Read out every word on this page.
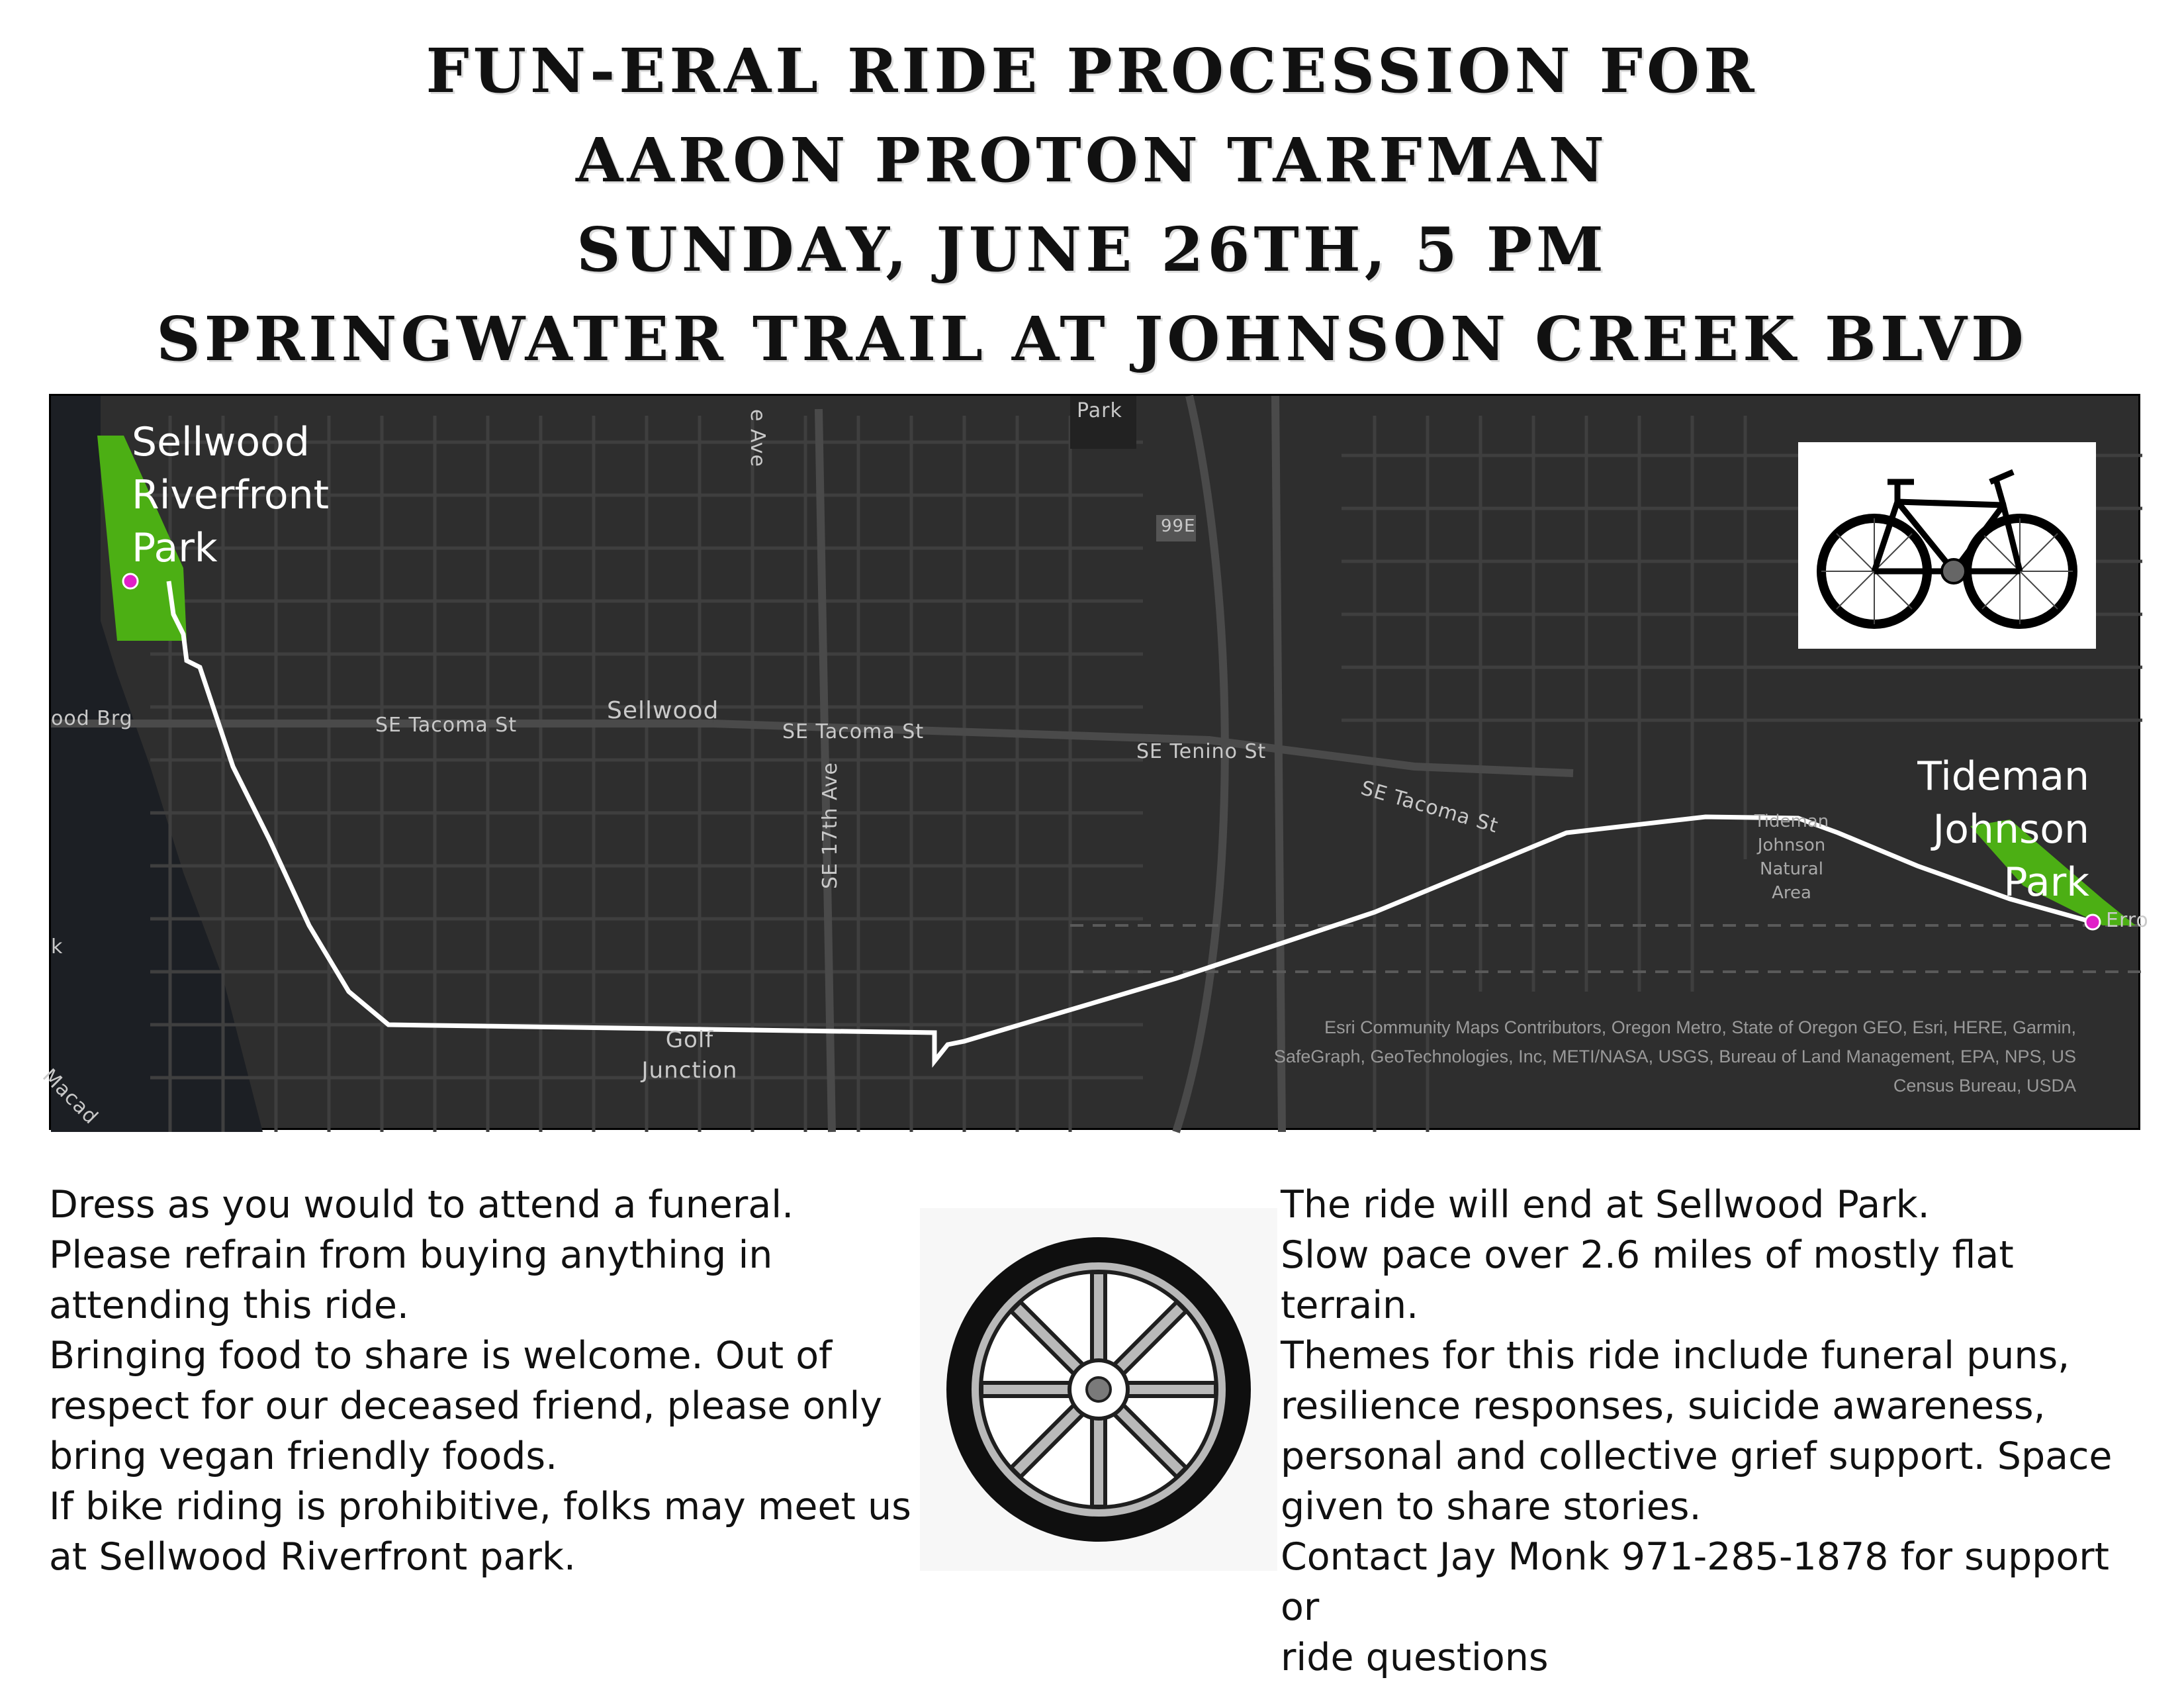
FUN-ERAL RIDE PROCESSION FOR
AARON PROTON TARFMAN
SUNDAY, JUNE 26TH, 5 PM
SPRINGWATER TRAIL AT JOHNSON CREEK BLVD
Sellwood
Riverfront
Park
Tideman
Johnson
Park
Park
e Ave
99E
ood Brg	SE Tacoma St
Sellwood
SE Tacoma St
SE Tenino St
SE Tacoma St
SE 17th Ave	Tideman
Johnson
Natural
Area
Golf
Junction
Erro
k
Macad
Esri Community Maps Contributors, Oregon Metro, State of Oregon GEO, Esri, HERE, Garmin,
SafeGraph, GeoTechnologies, Inc, METI/NASA, USGS, Bureau of Land Management, EPA, NPS, US
Census Bureau, USDA
Dress as you would to attend a funeral.
Please refrain from buying anything in
attending this ride.
Bringing food to share is welcome. Out of
respect for our deceased friend, please only
bring vegan friendly foods.
If bike riding is prohibitive, folks may meet us
at Sellwood Riverfront park.
The ride will end at Sellwood Park.
Slow pace over 2.6 miles of mostly flat terrain.
Themes for this ride include funeral puns,
resilience responses, suicide awareness,
personal and collective grief support. Space
given to share stories.
Contact Jay Monk 971-285-1878 for support or
ride questions
